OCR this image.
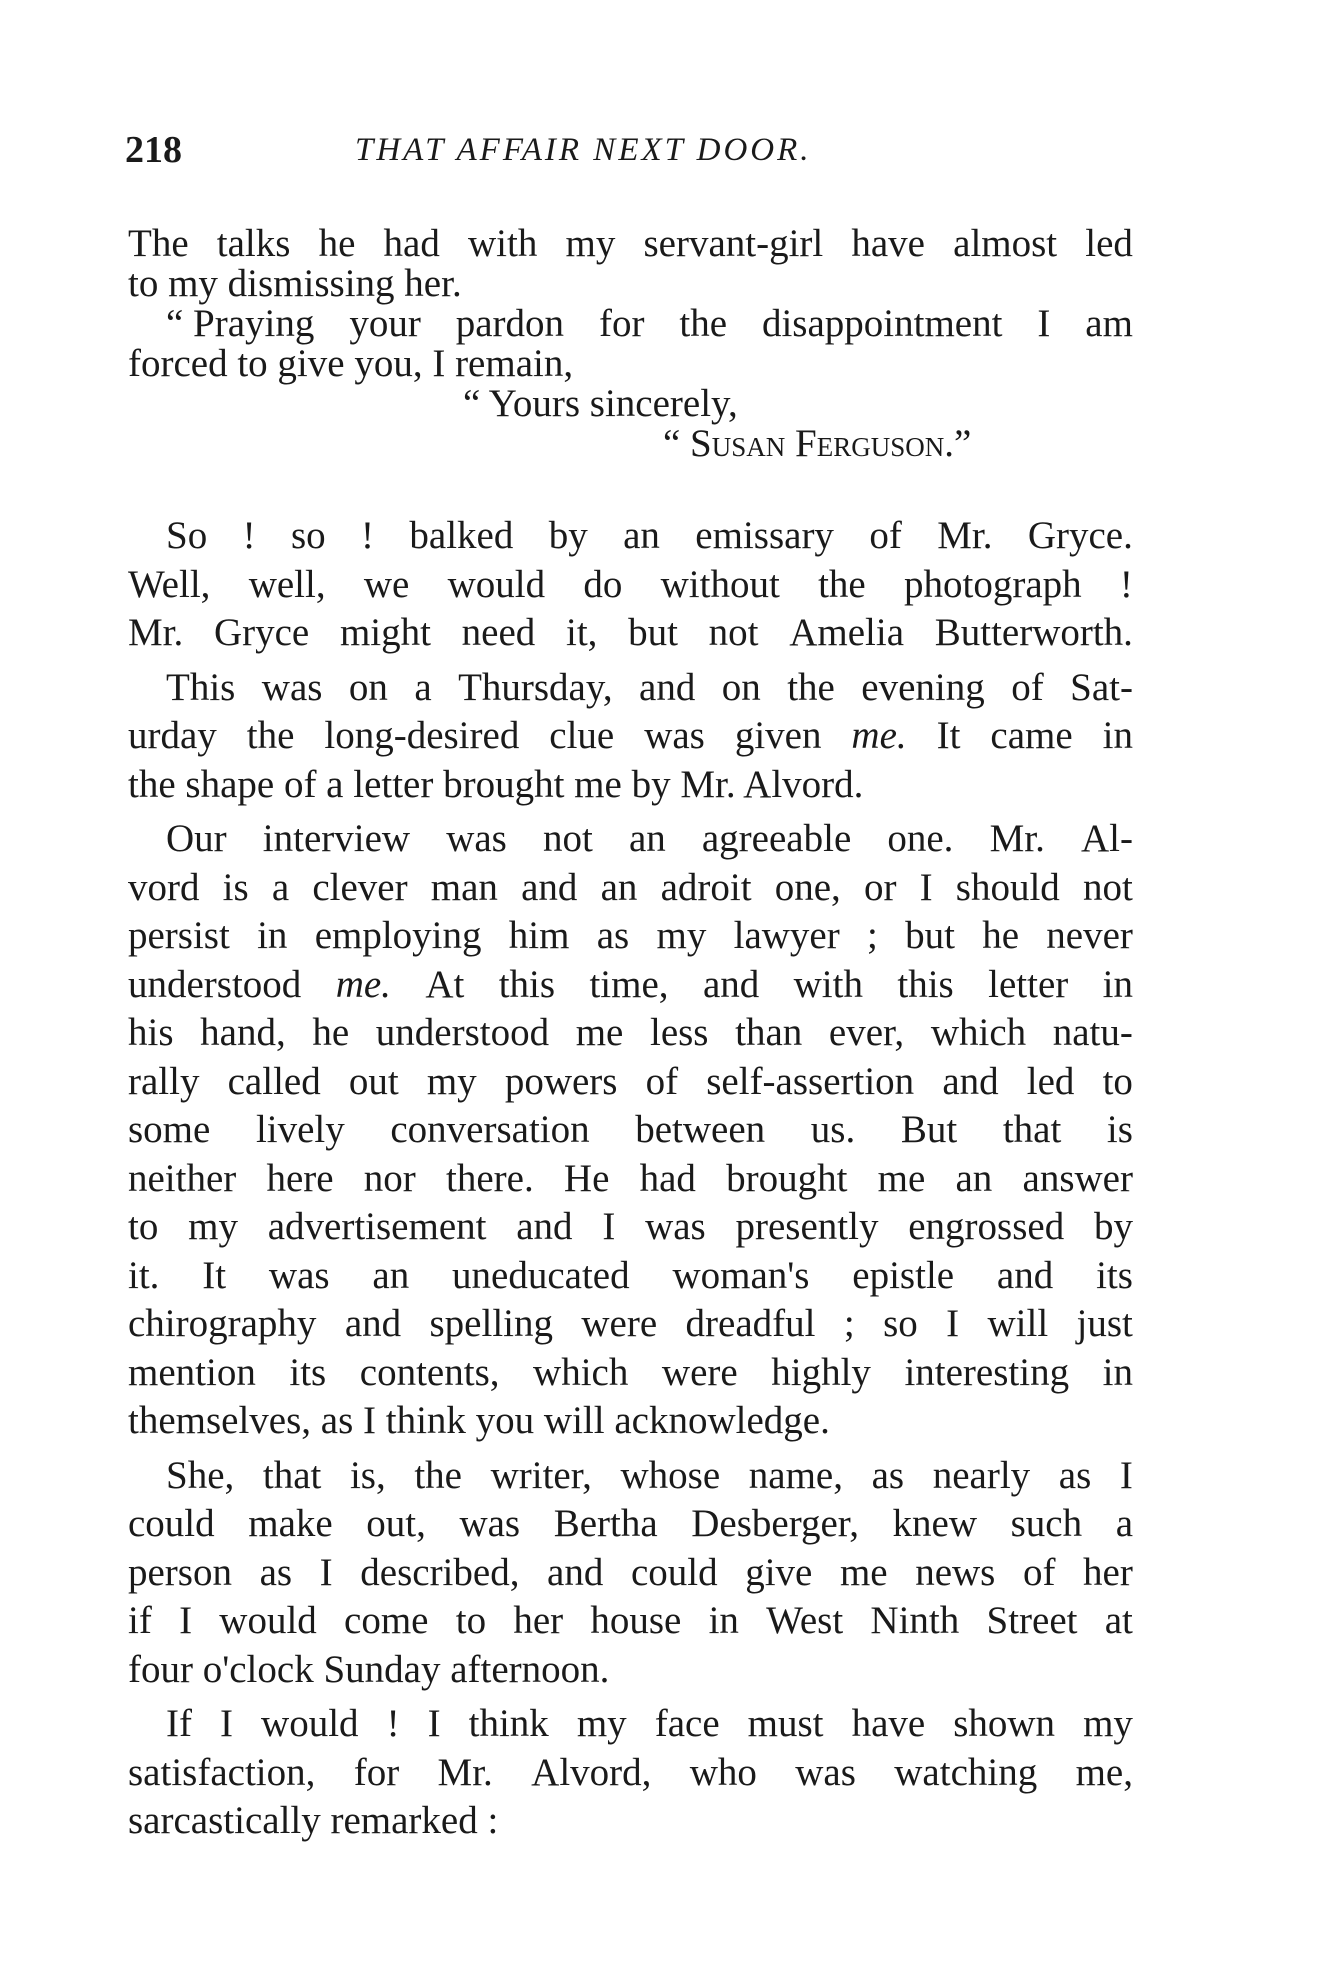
218	THAT AFFAIR NEXT DOOR.
The talks he had with my servant-girl have almost led
to my dismissing her.
“ Praying your pardon for the disappointment I am
forced to give you, I remain,
“ Yours sincerely,
“ Susan Ferguson.”
So ! so ! balked by an emissary of Mr. Gryce.
Well, well, we would do without the photograph !
Mr. Gryce might need it, but not Amelia Butterworth.
This was on a Thursday, and on the evening of Sat-
urday the long-desired clue was given me. It came in
the shape of a letter brought me by Mr. Alvord.
Our interview was not an agreeable one. Mr. Al-
vord is a clever man and an adroit one, or I should not
persist in employing him as my lawyer ; but he never
understood me. At this time, and with this letter in
his hand, he understood me less than ever, which natu-
rally called out my powers of self-assertion and led to
some lively conversation between us. But that is
neither here nor there. He had brought me an answer
to my advertisement and I was presently engrossed by
it. It was an uneducated woman's epistle and its
chirography and spelling were dreadful ; so I will just
mention its contents, which were highly interesting in
themselves, as I think you will acknowledge.
She, that is, the writer, whose name, as nearly as I
could make out, was Bertha Desberger, knew such a
person as I described, and could give me news of her
if I would come to her house in West Ninth Street at
four o'clock Sunday afternoon.
If I would ! I think my face must have shown my
satisfaction, for Mr. Alvord, who was watching me,
sarcastically remarked :
